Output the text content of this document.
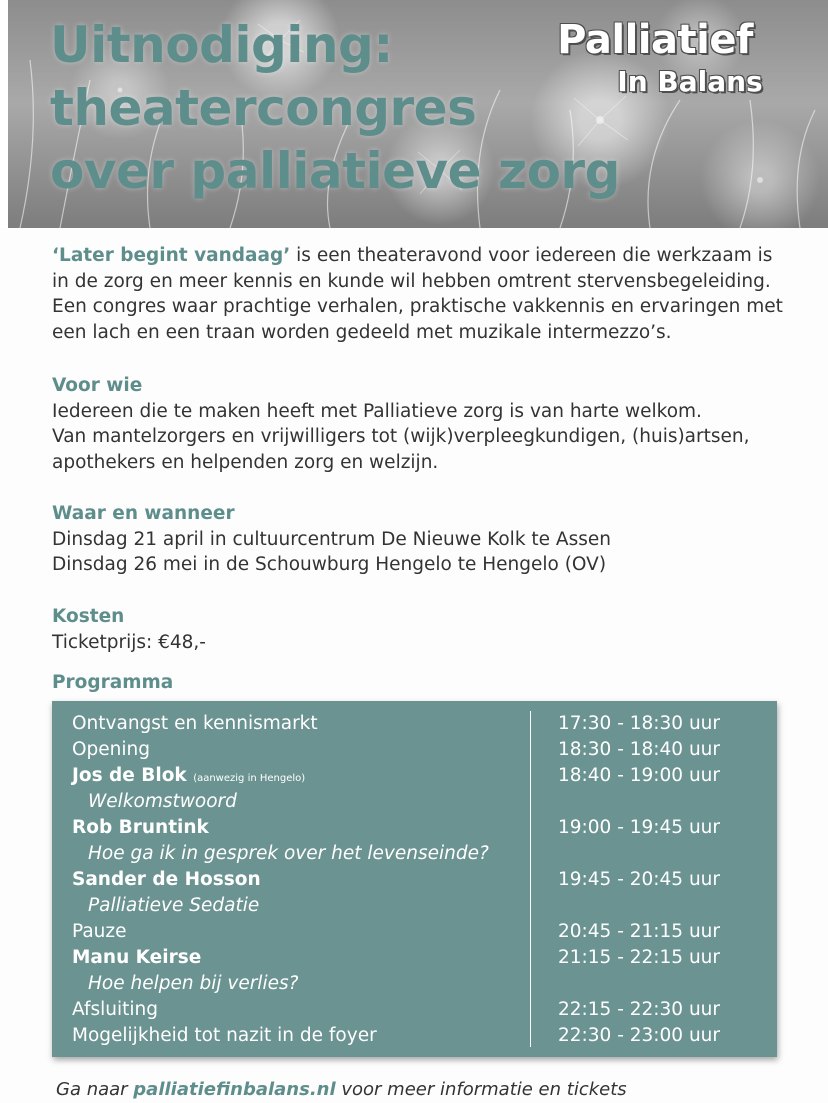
Uitnodiging:
theatercongres
over palliatieve zorg
Palliatief
In Balans
‘Later begint vandaag’ is een theateravond voor iedereen die werkzaam is in de zorg en meer kennis en kunde wil hebben omtrent stervensbegeleiding. Een congres waar prachtige verhalen, praktische vakkennis en ervaringen met een lach en een traan worden gedeeld met muzikale intermezzo’s.
Voor wie
Iedereen die te maken heeft met Palliatieve zorg is van harte welkom.
Van mantelzorgers en vrijwilligers tot (wijk)verpleegkundigen, (huis)artsen,
apothekers en helpenden zorg en welzijn.
Waar en wanneer
Dinsdag 21 april in cultuurcentrum De Nieuwe Kolk te Assen
Dinsdag 26 mei in de Schouwburg Hengelo te Hengelo (OV)
Kosten
Ticketprijs: €48,-
Programma
Ontvangst en kennismarkt	17:30 - 18:30 uur
Opening	18:30 - 18:40 uur
Jos de Blok (aanwezig in Hengelo)	18:40 - 19:00 uur
Welkomstwoord
Rob Bruntink	19:00 - 19:45 uur
Hoe ga ik in gesprek over het levenseinde?
Sander de Hosson	19:45 - 20:45 uur
Palliatieve Sedatie
Pauze	20:45 - 21:15 uur
Manu Keirse	21:15 - 22:15 uur
Hoe helpen bij verlies?
Afsluiting	22:15 - 22:30 uur
Mogelijkheid tot nazit in de foyer	22:30 - 23:00 uur
Ga naar palliatiefinbalans.nl voor meer informatie en tickets
